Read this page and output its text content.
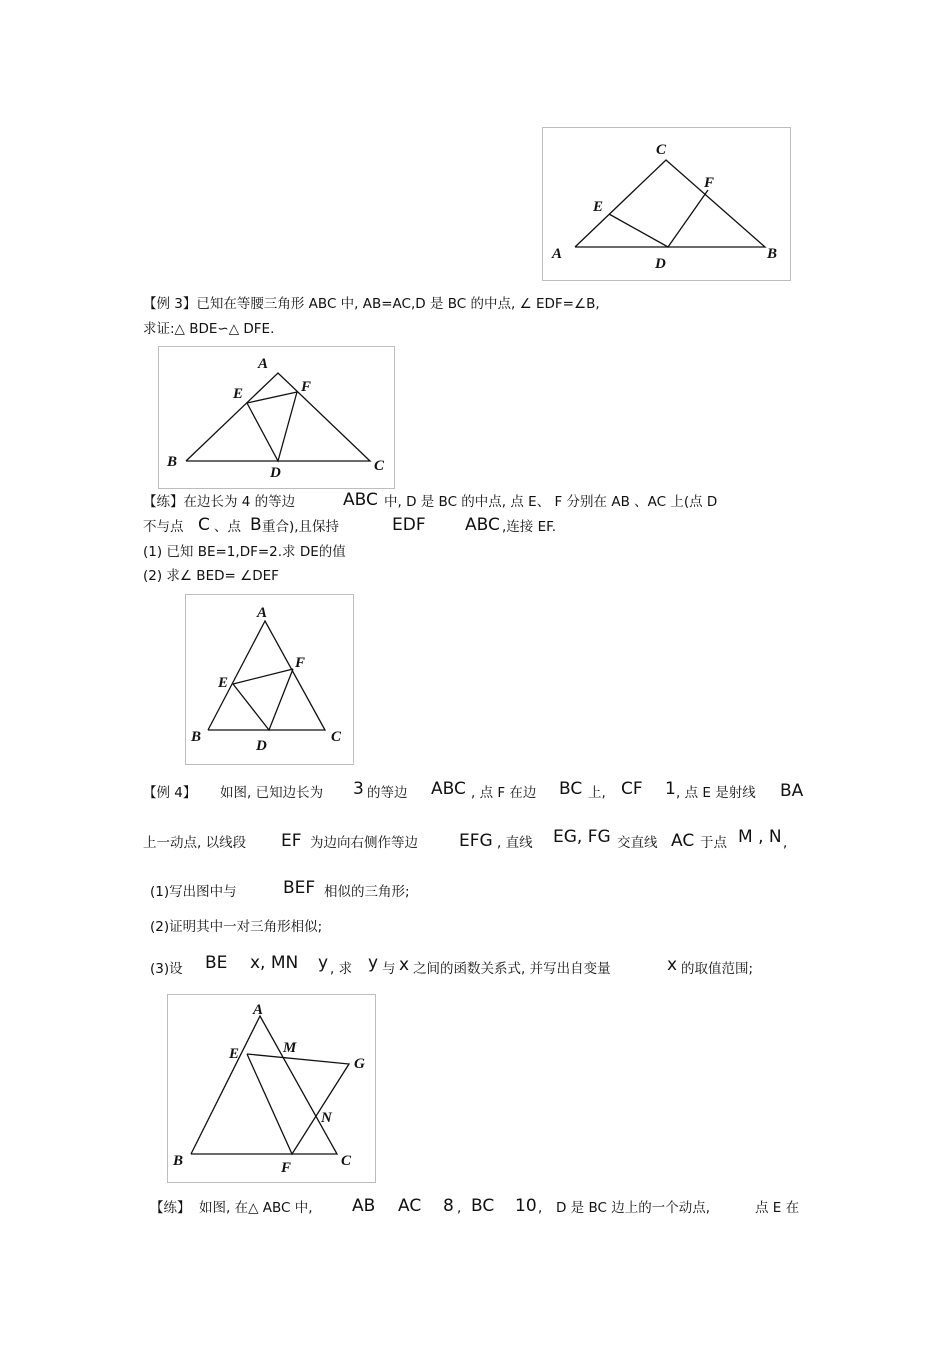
C
F
E
A
D
B
【例 3】已知在等腰三角形 ABC 中, AB=AC,D 是 BC 的中点, ∠ EDF=∠B,
求证:△ BDE∽△ DFE.
A
E	F
B
D	C
【练】在边长为 4 的等边	ABC 中, D 是 BC 的中点, 点 E、 F 分别在 AB 、AC 上(点 D
不与点 C 、点 B 重合),且保持	EDF ABC ,连接 EF.
(1) 已知 BE=1,DF=2.求 DE的值
(2) 求∠ BED= ∠DEF
A
F
E
B
D
C
【例 4】 如图, 已知边长为 3 的等边 ABC , 点 F 在边 BC 上, CF 1 , 点 E 是射线 BA
上一动点, 以线段 EF 为边向右侧作等边 EFG , 直线 EG, FG 交直线 AC 于点 M , N ,
(1)写出图中与	BEF 相似的三角形;
(2)证明其中一对三角形相似;
(3)设 BE x, MN y , 求 y 与 x 之间的函数关系式, 并写出自变量	x 的取值范围;
A
E	M
G
N
B	F	C
【练】 如图, 在△ ABC 中, AB AC 8 , BC 10 , D 是 BC 边上的一个动点,	点 E 在
